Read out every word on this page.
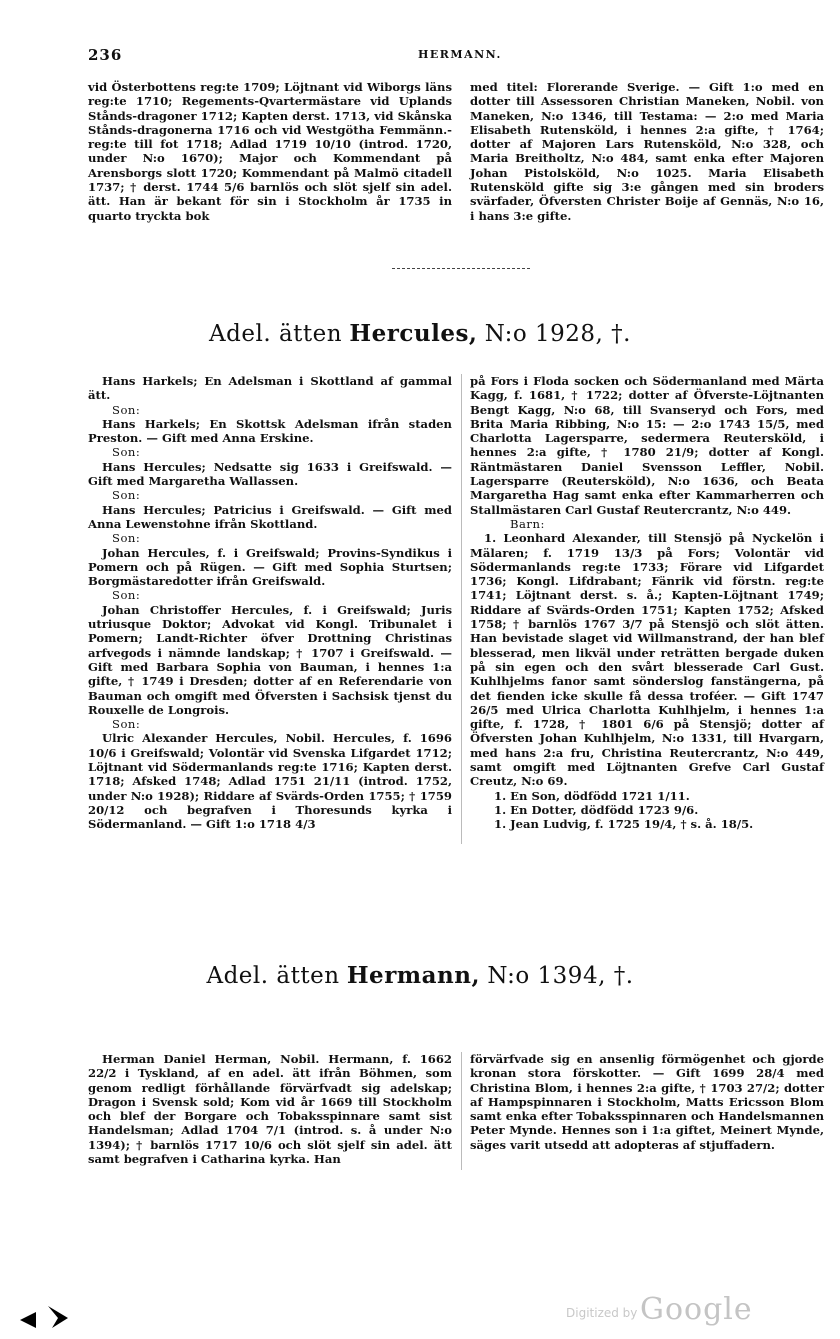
236	HERMANN.

vid Österbottens reg:te 1709; Löjtnant vid Wiborgs läns reg:te 1710; Regements-Qvartermästare vid Uplands Stånds-dragoner 1712; Kapten derst. 1713, vid Skånska Stånds-dragonerna 1716 och vid Westgötha Femmänn.-reg:te till fot 1718; Adlad 1719 10/10 (introd. 1720, under N:o 1670); Major och Kommendant på Arensborgs slott 1720; Kommendant på Malmö citadell 1737; † derst. 1744 5/6 barnlös och slöt sjelf sin adel. ätt. Han är bekant för sin i Stockholm år 1735 in quarto tryckta bok

med titel: Florerande Sverige. — Gift 1:o med en dotter till Assessoren Christian Maneken, Nobil. von Maneken, N:o 1346, till Testama: — 2:o med Maria Elisabeth Rutensköld, i hennes 2:a gifte, † 1764; dotter af Majoren Lars Rutensköld, N:o 328, och Maria Breitholtz, N:o 484, samt enka efter Majoren Johan Pistolsköld, N:o 1025. Maria Elisabeth Rutensköld gifte sig 3:e gången med sin broders svärfader, Öfversten Christer Boije af Gennäs, N:o 16, i hans 3:e gifte.

Adel. ätten Hercules, N:o 1928, †.

Hans Harkels; En Adelsman i Skottland af gammal ätt.

Son:

Hans Harkels; En Skottsk Adelsman ifrån staden Preston. — Gift med Anna Erskine.

Son:

Hans Hercules; Nedsatte sig 1633 i Greifswald. — Gift med Margaretha Wallassen.

Son:

Hans Hercules; Patricius i Greifswald. — Gift med Anna Lewenstohne ifrån Skottland.

Son:

Johan Hercules, f. i Greifswald; Provins-Syndikus i Pomern och på Rügen. — Gift med Sophia Sturtsen; Borgmästaredotter ifrån Greifswald.

Son:

Johan Christoffer Hercules, f. i Greifswald; Juris utriusque Doktor; Advokat vid Kongl. Tribunalet i Pomern; Landt-Richter öfver Drottning Christinas arfvegods i nämnde landskap; † 1707 i Greifswald. — Gift med Barbara Sophia von Bauman, i hennes 1:a gifte, † 1749 i Dresden; dotter af en Referendarie von Bauman och omgift med Öfversten i Sachsisk tjenst du Rouxelle de Longrois.

Son:

Ulric Alexander Hercules, Nobil. Hercules, f. 1696 10/6 i Greifswald; Volontär vid Svenska Lifgardet 1712; Löjtnant vid Södermanlands reg:te 1716; Kapten derst. 1718; Afsked 1748; Adlad 1751 21/11 (introd. 1752, under N:o 1928); Riddare af Svärds-Orden 1755; † 1759 20/12 och begrafven i Thoresunds kyrka i Södermanland. — Gift 1:o 1718 4/3

på Fors i Floda socken och Södermanland med Märta Kagg, f. 1681, † 1722; dotter af Öfverste-Löjtnanten Bengt Kagg, N:o 68, till Svanseryd och Fors, med Brita Maria Ribbing, N:o 15: — 2:o 1743 15/5, med Charlotta Lagersparre, sedermera Reutersköld, i hennes 2:a gifte, † 1780 21/9; dotter af Kongl. Räntmästaren Daniel Svensson Leffler, Nobil. Lagersparre (Reutersköld), N:o 1636, och Beata Margaretha Hag samt enka efter Kammarherren och Stallmästaren Carl Gustaf Reutercrantz, N:o 449.

Barn:

1. Leonhard Alexander, till Stensjö på Nyckelön i Mälaren; f. 1719 13/3 på Fors; Volontär vid Södermanlands reg:te 1733; Förare vid Lifgardet 1736; Kongl. Lifdrabant; Fänrik vid förstn. reg:te 1741; Löjtnant derst. s. å.; Kapten-Löjtnant 1749; Riddare af Svärds-Orden 1751; Kapten 1752; Afsked 1758; † barnlös 1767 3/7 på Stensjö och slöt ätten. Han bevistade slaget vid Willmanstrand, der han blef blesserad, men likväl under reträtten bergade duken på sin egen och den svårt blesserade Carl Gust. Kuhlhjelms fanor samt sönderslog fanstängerna, på det fienden icke skulle få dessa troféer. — Gift 1747 26/5 med Ulrica Charlotta Kuhlhjelm, i hennes 1:a gifte, f. 1728, † 1801 6/6 på Stensjö; dotter af Öfversten Johan Kuhlhjelm, N:o 1331, till Hvargarn, med hans 2:a fru, Christina Reutercrantz, N:o 449, samt omgift med Löjtnanten Grefve Carl Gustaf Creutz, N:o 69.

1. En Son, dödfödd 1721 1/11.

1. En Dotter, dödfödd 1723 9/6.

1. Jean Ludvig, f. 1725 19/4, † s. å. 18/5.

Adel. ätten Hermann, N:o 1394, †.

Herman Daniel Herman, Nobil. Hermann, f. 1662 22/2 i Tyskland, af en adel. ätt ifrån Böhmen, som genom redligt förhållande förvärfvadt sig adelskap; Dragon i Svensk sold; Kom vid år 1669 till Stockholm och blef der Borgare och Tobaksspinnare samt sist Handelsman; Adlad 1704 7/1 (introd. s. å under N:o 1394); † barnlös 1717 10/6 och slöt sjelf sin adel. ätt samt begrafven i Catharina kyrka. Han

förvärfvade sig en ansenlig förmögenhet och gjorde kronan stora förskotter. — Gift 1699 28/4 med Christina Blom, i hennes 2:a gifte, † 1703 27/2; dotter af Hampspinnaren i Stockholm, Matts Ericsson Blom samt enka efter Tobaksspinnaren och Handelsmannen Peter Mynde. Hennes son i 1:a giftet, Meinert Mynde, säges varit utsedd att adopteras af stjuffadern.

Digitized by Google
